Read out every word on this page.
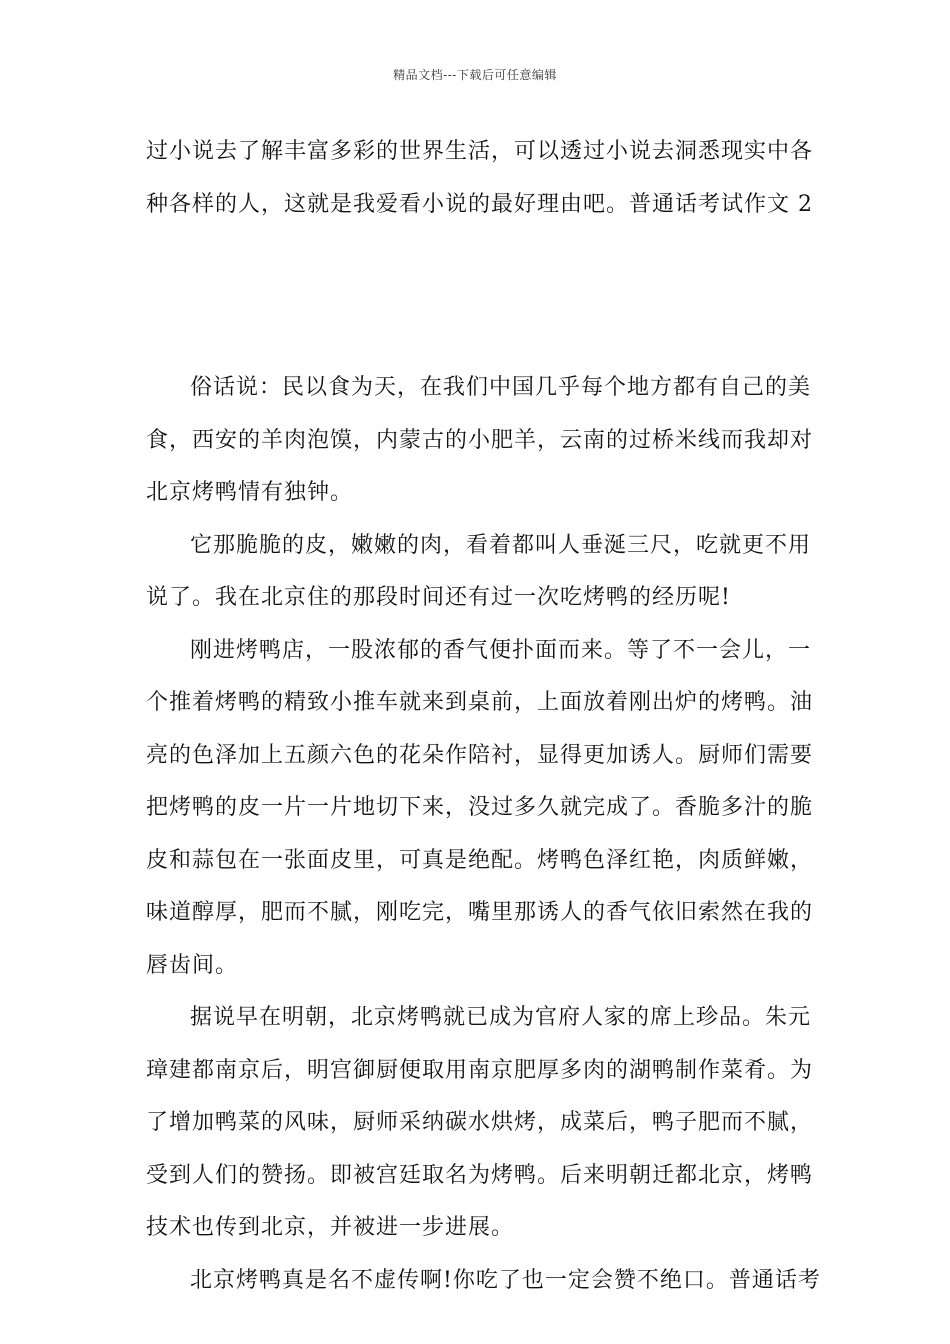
精品文档---下载后可任意编辑
过小说去了解丰富多彩的世界生活，可以透过小说去洞悉现实中各
种各样的人，这就是我爱看小说的最好理由吧。普通话考试作文 2
俗话说：民以食为天，在我们中国几乎每个地方都有自己的美
食，西安的羊肉泡馍，内蒙古的小肥羊，云南的过桥米线而我却对
北京烤鸭情有独钟。
它那脆脆的皮，嫩嫩的肉，看着都叫人垂涎三尺，吃就更不用
说了。我在北京住的那段时间还有过一次吃烤鸭的经历呢!
刚进烤鸭店，一股浓郁的香气便扑面而来。等了不一会儿，一
个推着烤鸭的精致小推车就来到桌前，上面放着刚出炉的烤鸭。油
亮的色泽加上五颜六色的花朵作陪衬，显得更加诱人。厨师们需要
把烤鸭的皮一片一片地切下来，没过多久就完成了。香脆多汁的脆
皮和蒜包在一张面皮里，可真是绝配。烤鸭色泽红艳，肉质鲜嫩，
味道醇厚，肥而不腻，刚吃完，嘴里那诱人的香气依旧索然在我的
唇齿间。
据说早在明朝，北京烤鸭就已成为官府人家的席上珍品。朱元
璋建都南京后，明宫御厨便取用南京肥厚多肉的湖鸭制作菜肴。为
了增加鸭菜的风味，厨师采纳碳水烘烤，成菜后，鸭子肥而不腻，
受到人们的赞扬。即被宫廷取名为烤鸭。后来明朝迁都北京，烤鸭
技术也传到北京，并被进一步进展。
北京烤鸭真是名不虚传啊!你吃了也一定会赞不绝口。普通话考
